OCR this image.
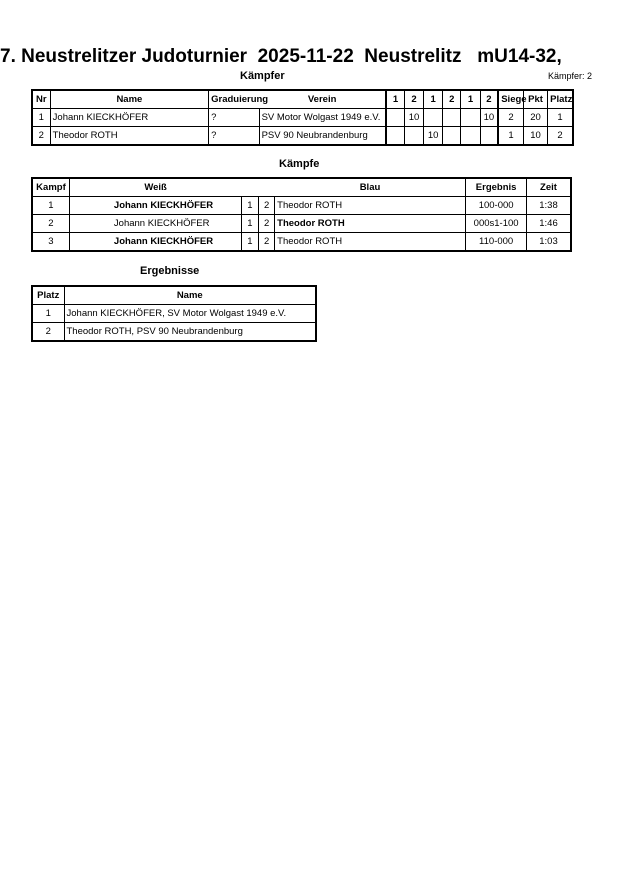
7. Neustrelitzer Judoturnier  2025-11-22  Neustrelitz   mU14-32,
Kämpfer	Kämpfer: 2
Nr	Name	Graduierung	Verein	1	2	1	2	1	2	Siege	Pkt	Platz
1	Johann KIECKHÖFER	?	SV Motor Wolgast 1949 e.V.		10				10	2	20	1
2	Theodor ROTH	?	PSV 90 Neubrandenburg			10				1	10	2
Kämpfe
Kampf	Weiß			Blau	Ergebnis	Zeit
1	Johann KIECKHÖFER	1	2	Theodor ROTH	100-000	1:38
2	Johann KIECKHÖFER	1	2	Theodor ROTH	000s1-100	1:46
3	Johann KIECKHÖFER	1	2	Theodor ROTH	110-000	1:03
Ergebnisse
Platz	Name
1	Johann KIECKHÖFER, SV Motor Wolgast 1949 e.V.
2	Theodor ROTH, PSV 90 Neubrandenburg
